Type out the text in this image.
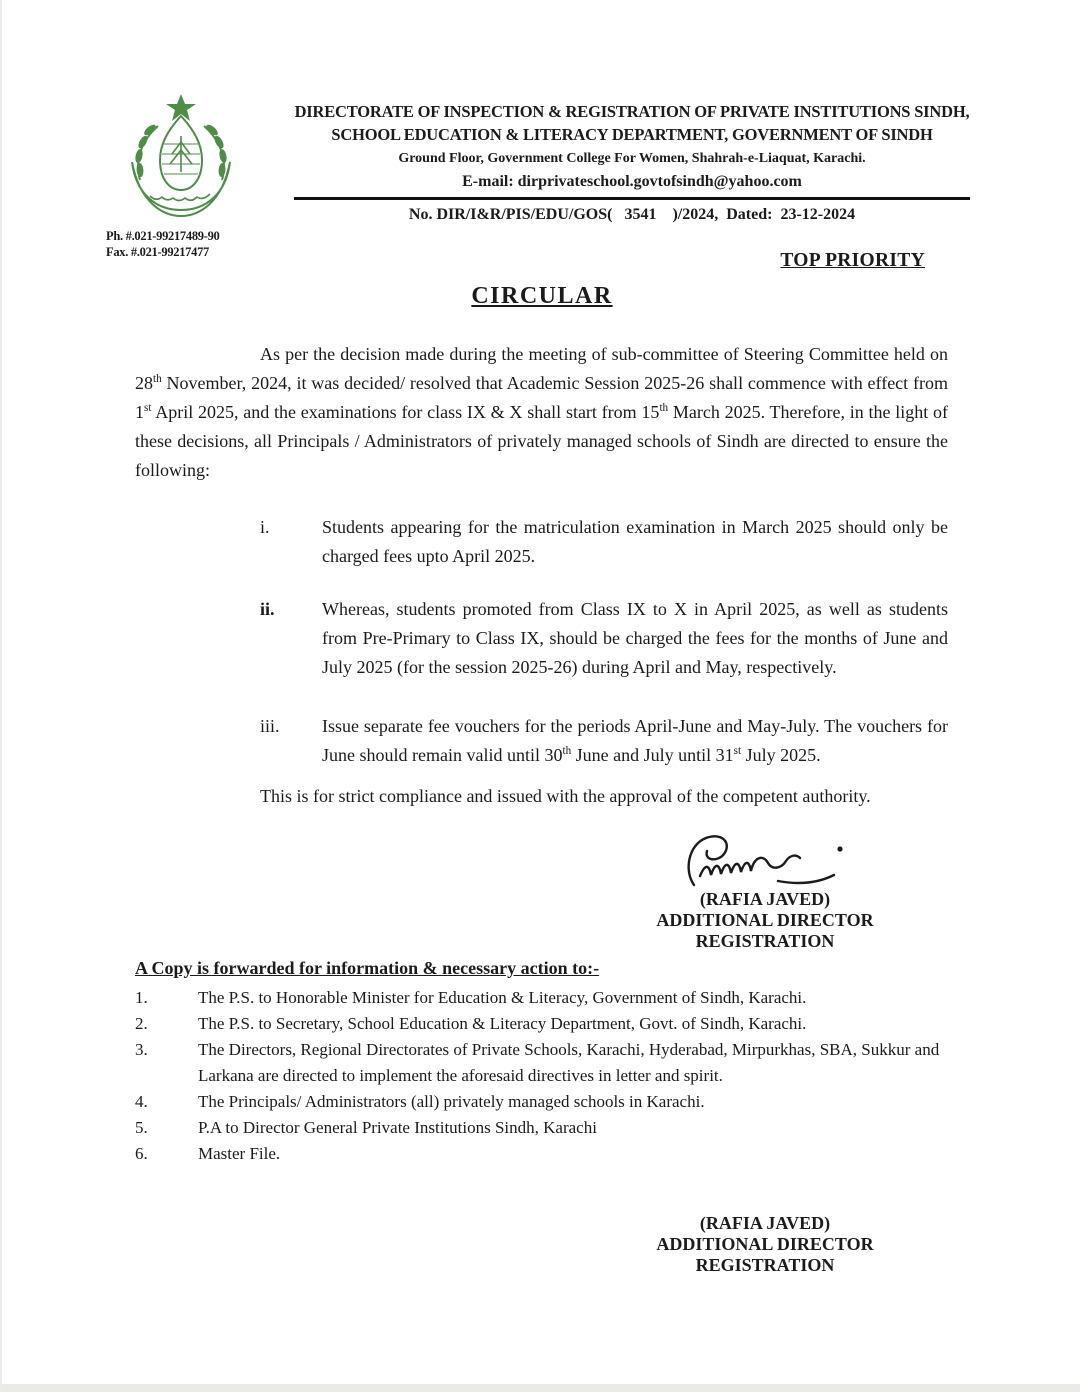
Ph. #.021-99217489-90
Fax. #.021-99217477
DIRECTORATE OF INSPECTION & REGISTRATION OF PRIVATE INSTITUTIONS SINDH,
SCHOOL EDUCATION & LITERACY DEPARTMENT, GOVERNMENT OF SINDH
Ground Floor, Government College For Women, Shahrah-e-Liaquat, Karachi.
E-mail: dirprivateschool.govtofsindh@yahoo.com
No. DIR/I&R/PIS/EDU/GOS(   3541    )/2024,  Dated:  23-12-2024
TOP PRIORITY
CIRCULAR

As per the decision made during the meeting of sub-committee of Steering Committee held on 28th November, 2024, it was decided/ resolved that Academic Session 2025-26 shall commence with effect from 1st April 2025, and the examinations for class IX & X shall start from 15th March 2025. Therefore, in the light of these decisions, all Principals / Administrators of privately managed schools of Sindh are directed to ensure the following:

i.	Students appearing for the matriculation examination in March 2025 should only be charged fees upto April 2025.
ii.	Whereas, students promoted from Class IX to X in April 2025, as well as students from Pre-Primary to Class IX, should be charged the fees for the months of June and July 2025 (for the session 2025-26) during April and May, respectively.
iii.	Issue separate fee vouchers for the periods April-June and May-July. The vouchers for June should remain valid until 30th June and July until 31st July 2025.

This is for strict compliance and issued with the approval of the competent authority.

(RAFIA JAVED)
ADDITIONAL DIRECTOR
REGISTRATION
A Copy is forwarded for information & necessary action to:-
1.	The P.S. to Honorable Minister for Education & Literacy, Government of Sindh, Karachi.
2.	The P.S. to Secretary, School Education & Literacy Department, Govt. of Sindh, Karachi.
3.	The Directors, Regional Directorates of Private Schools, Karachi, Hyderabad, Mirpurkhas, SBA, Sukkur and Larkana are directed to implement the aforesaid directives in letter and spirit.
4.	The Principals/ Administrators (all) privately managed schools in Karachi.
5.	P.A to Director General Private Institutions Sindh, Karachi
6.	Master File.
(RAFIA JAVED)
ADDITIONAL DIRECTOR
REGISTRATION
